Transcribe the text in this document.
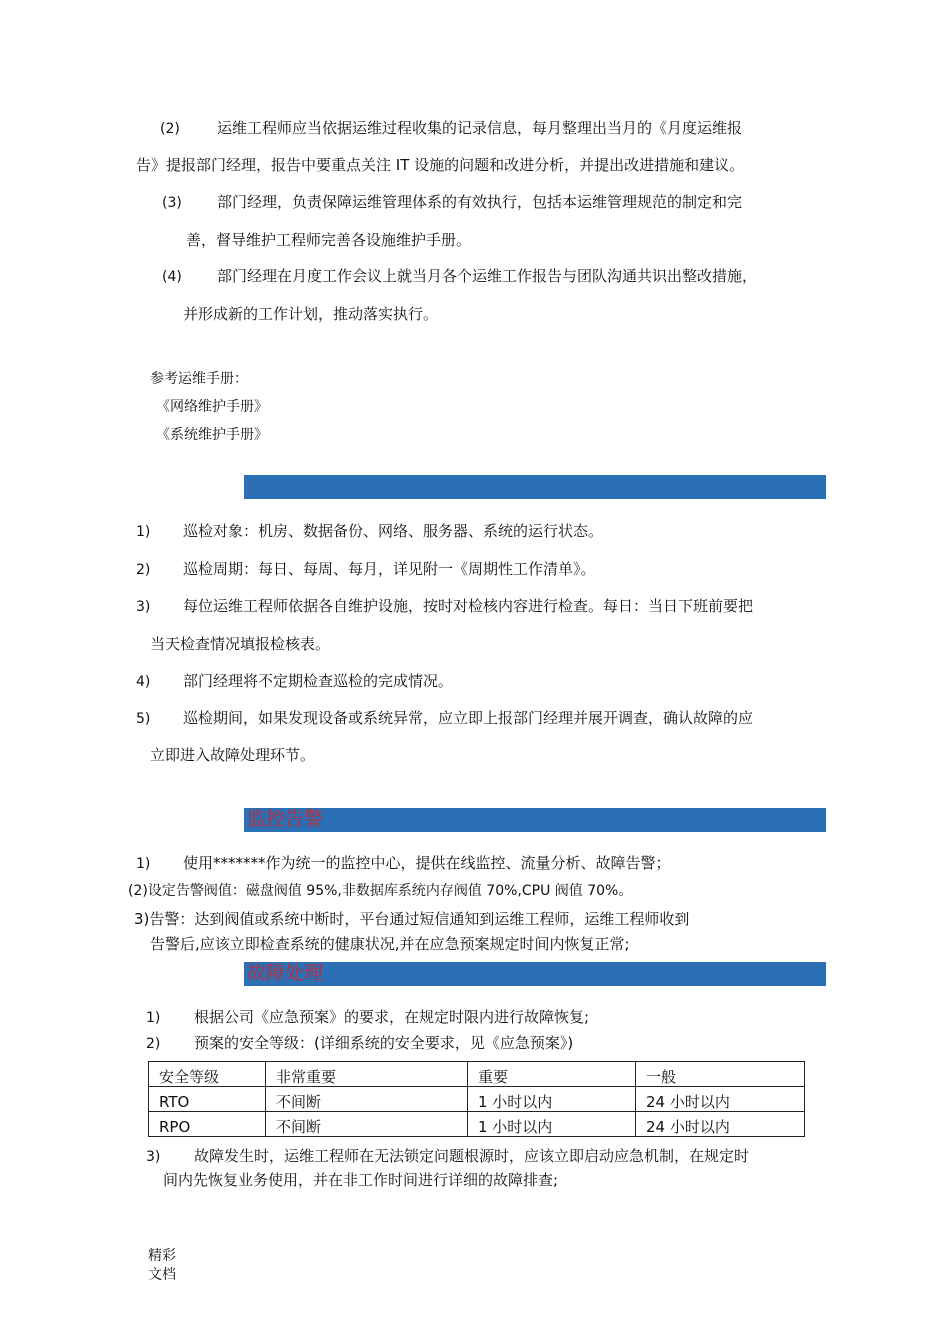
(2) 运维工程师应当依据运维过程收集的记录信息，每月整理出当月的《月度运维报
告》提报部门经理，报告中要重点关注 IT 设施的问题和改进分析，并提出改进措施和建议。
(3) 部门经理，负责保障运维管理体系的有效执行，包括本运维管理规范的制定和完
善，督导维护工程师完善各设施维护手册。
(4) 部门经理在月度工作会议上就当月各个运维工作报告与团队沟通共识出整改措施，
并形成新的工作计划，推动落实执行。
参考运维手册：
《网络维护手册》
《系统维护手册》
1) 巡检对象：机房、数据备份、网络、服务器、系统的运行状态。
2) 巡检周期：每日、每周、每月，详见附一《周期性工作清单》。
3) 每位运维工程师依据各自维护设施，按时对检核内容进行检查。每日：当日下班前要把
当天检查情况填报检核表。
4) 部门经理将不定期检查巡检的完成情况。
5) 巡检期间，如果发现设备或系统异常，应立即上报部门经理并展开调查，确认故障的应
立即进入故障处理环节。
监控告警
1) 使用*******作为统一的监控中心，提供在线监控、流量分析、故障告警；
(2)设定告警阀值：磁盘阀值 95%,非数据库系统内存阀值 70%,CPU 阀值 70%。
3)告警：达到阀值或系统中断时，平台通过短信通知到运维工程师，运维工程师收到
告警后,应该立即检查系统的健康状况,并在应急预案规定时间内恢复正常;
故障处理
1) 根据公司《应急预案》的要求，在规定时限内进行故障恢复;
2) 预案的安全等级：(详细系统的安全要求，见《应急预案》)
安全等级	非常重要	重要	一般
RTO	不间断	1 小时以内	24 小时以内
RPO	不间断	1 小时以内	24 小时以内
3) 故障发生时，运维工程师在无法锁定问题根源时，应该立即启动应急机制，在规定时
间内先恢复业务使用，并在非工作时间进行详细的故障排查;
精彩文档
